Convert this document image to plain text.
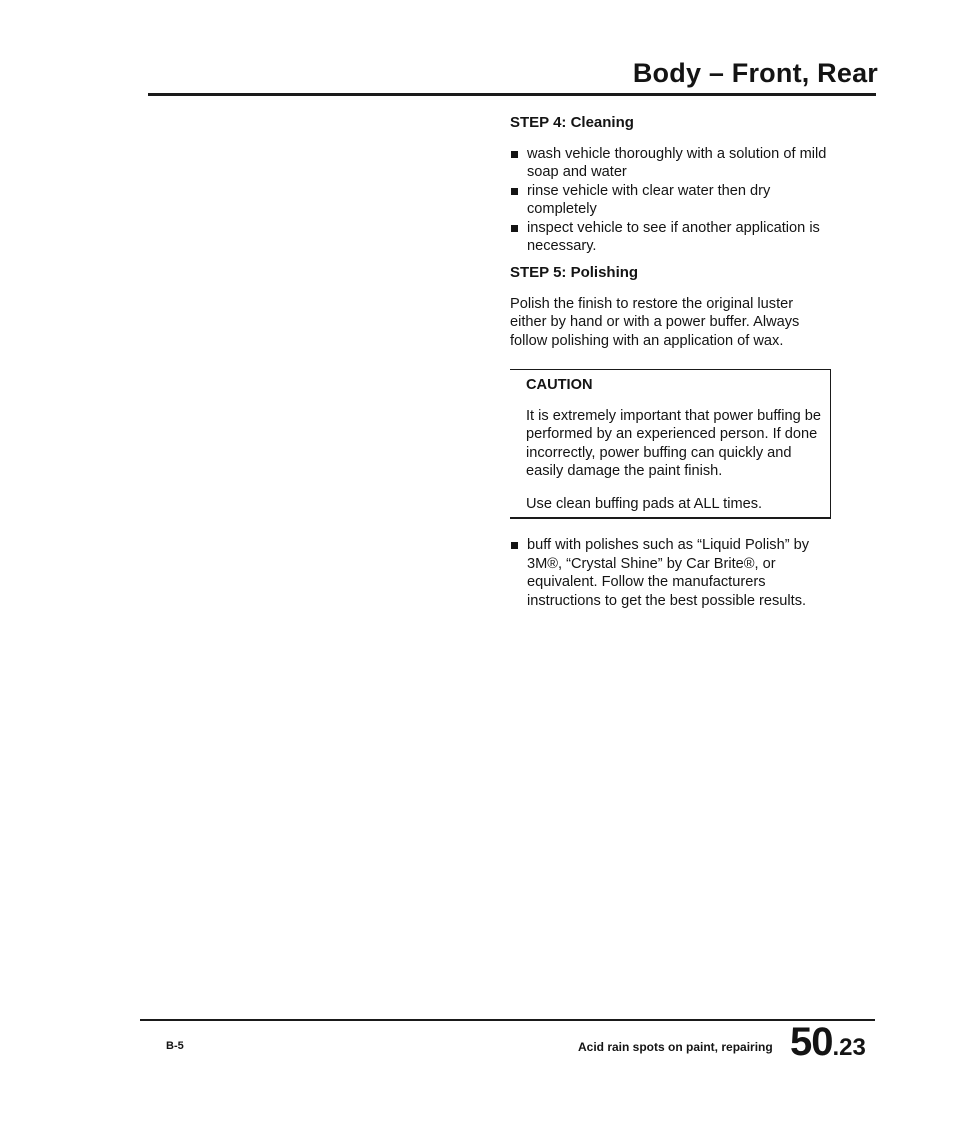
Body – Front, Rear
STEP 4: Cleaning
wash vehicle thoroughly with a solution of mild soap and water
rinse vehicle with clear water then dry completely
inspect vehicle to see if another application is necessary.
STEP 5: Polishing
Polish the finish to restore the original luster either by hand or with a power buffer. Always follow polishing with an application of wax.
CAUTION
It is extremely important that power buffing be performed by an experienced person. If done incorrectly, power buffing can quickly and easily damage the paint finish.
Use clean buffing pads at ALL times.
buff with polishes such as “Liquid Polish” by 3M®, “Crystal Shine” by Car Brite®, or equivalent. Follow the manufacturers instructions to get the best possible results.
B-5	Acid rain spots on paint, repairing 50.23
